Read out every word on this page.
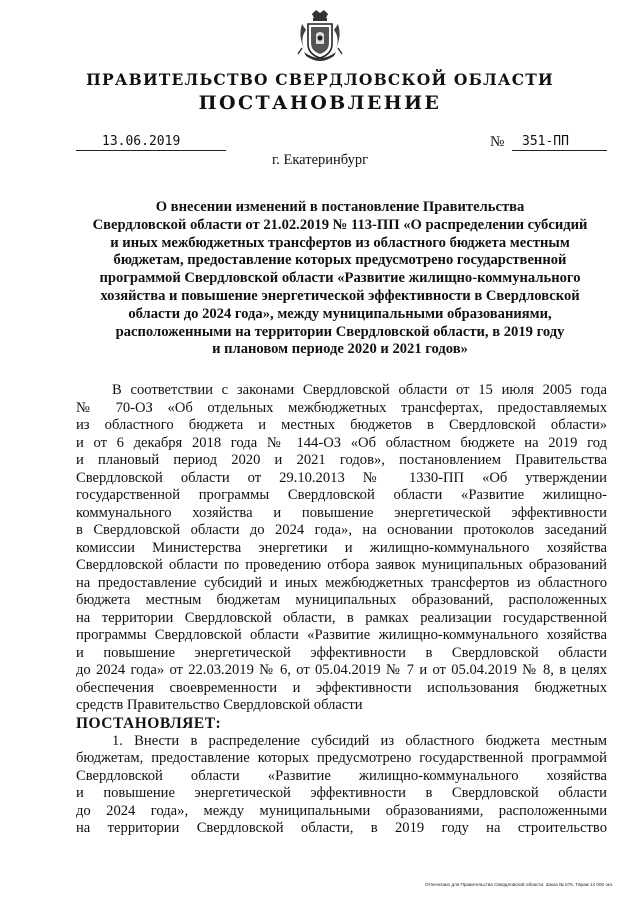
ПРАВИТЕЛЬСТВО СВЕРДЛОВСКОЙ ОБЛАСТИ
ПОСТАНОВЛЕНИЕ
13.06.2019	№	351-ПП
г. Екатеринбург
О внесении изменений в постановление Правительства
Свердловской области от 21.02.2019 № 113-ПП «О распределении субсидий
и иных межбюджетных трансфертов из областного бюджета местным
бюджетам, предоставление которых предусмотрено государственной
программой Свердловской области «Развитие жилищно-коммунального
хозяйства и повышение энергетической эффективности в Свердловской
области до 2024 года», между муниципальными образованиями,
расположенными на территории Свердловской области, в 2019 году
и плановом периоде 2020 и 2021 годов»
В соответствии с законами Свердловской области от 15 июля 2005 года
№ 70-ОЗ «Об отдельных межбюджетных трансфертах, предоставляемых
из областного бюджета и местных бюджетов в Свердловской области»
и от 6 декабря 2018 года № 144-ОЗ «Об областном бюджете на 2019 год
и плановый период 2020 и 2021 годов», постановлением Правительства
Свердловской области от 29.10.2013 № 1330-ПП «Об утверждении
государственной программы Свердловской области «Развитие жилищно-
коммунального хозяйства и повышение энергетической эффективности
в Свердловской области до 2024 года», на основании протоколов заседаний
комиссии Министерства энергетики и жилищно-коммунального хозяйства
Свердловской области по проведению отбора заявок муниципальных образований
на предоставление субсидий и иных межбюджетных трансфертов из областного
бюджета местным бюджетам муниципальных образований, расположенных
на территории Свердловской области, в рамках реализации государственной
программы Свердловской области «Развитие жилищно-коммунального хозяйства
и повышение энергетической эффективности в Свердловской области
до 2024 года» от 22.03.2019 № 6, от 05.04.2019 № 7 и от 05.04.2019 № 8, в целях
обеспечения своевременности и эффективности использования бюджетных
средств Правительство Свердловской области
ПОСТАНОВЛЯЕТ:
1. Внести в распределение субсидий из областного бюджета местным
бюджетам, предоставление которых предусмотрено государственной программой
Свердловской области «Развитие жилищно-коммунального хозяйства
и повышение энергетической эффективности в Свердловской области
до 2024 года», между муниципальными образованиями, расположенными
на территории Свердловской области, в 2019 году на строительство
Отпечатано для Правительства Свердловской области. Заказ № 575. Тираж 14 000 экз.
